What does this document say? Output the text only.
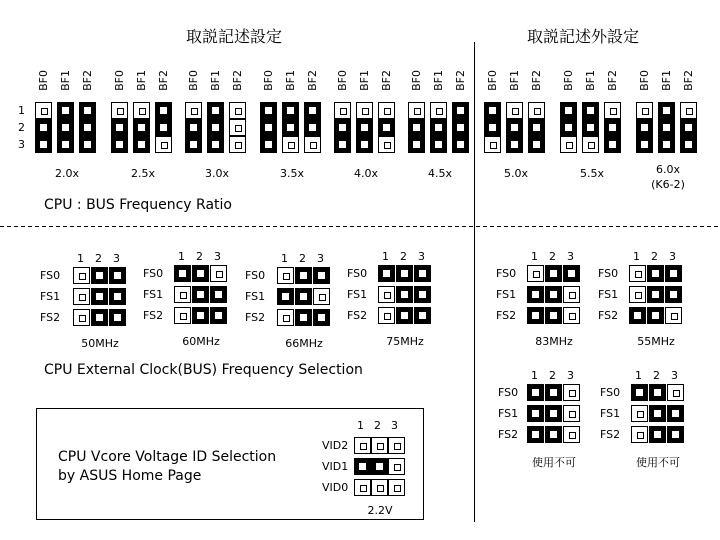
取説記述設定	取説記述外設定
1
2
3
BF0 BF1 BF2
2.0x
BF0 BF1 BF2
2.5x
BF0 BF1 BF2
3.0x
BF0 BF1 BF2
3.5x
BF0 BF1 BF2
4.0x
BF0 BF1 BF2
4.5x
BF0 BF1 BF2
5.0x
BF0 BF1 BF2
5.5x
BF0 BF1 BF2
6.0x
(K6-2)
CPU : BUS Frequency Ratio
1 2 3
FS0
FS1
FS2
50MHz
1 2 3
FS0
FS1
FS2
60MHz
1 2 3
FS0
FS1
FS2
66MHz
1 2 3
FS0
FS1
FS2
75MHz
1 2 3
FS0
FS1
FS2
83MHz
1 2 3
FS0
FS1
FS2
55MHz
1 2 3
FS0
FS1
FS2
使用不可
1 2 3
FS0
FS1
FS2
使用不可
CPU External Clock(BUS) Frequency Selection
CPU Vcore Voltage ID Selection
by ASUS Home Page
1 2 3
VID2
VID1
VID0
2.2V
